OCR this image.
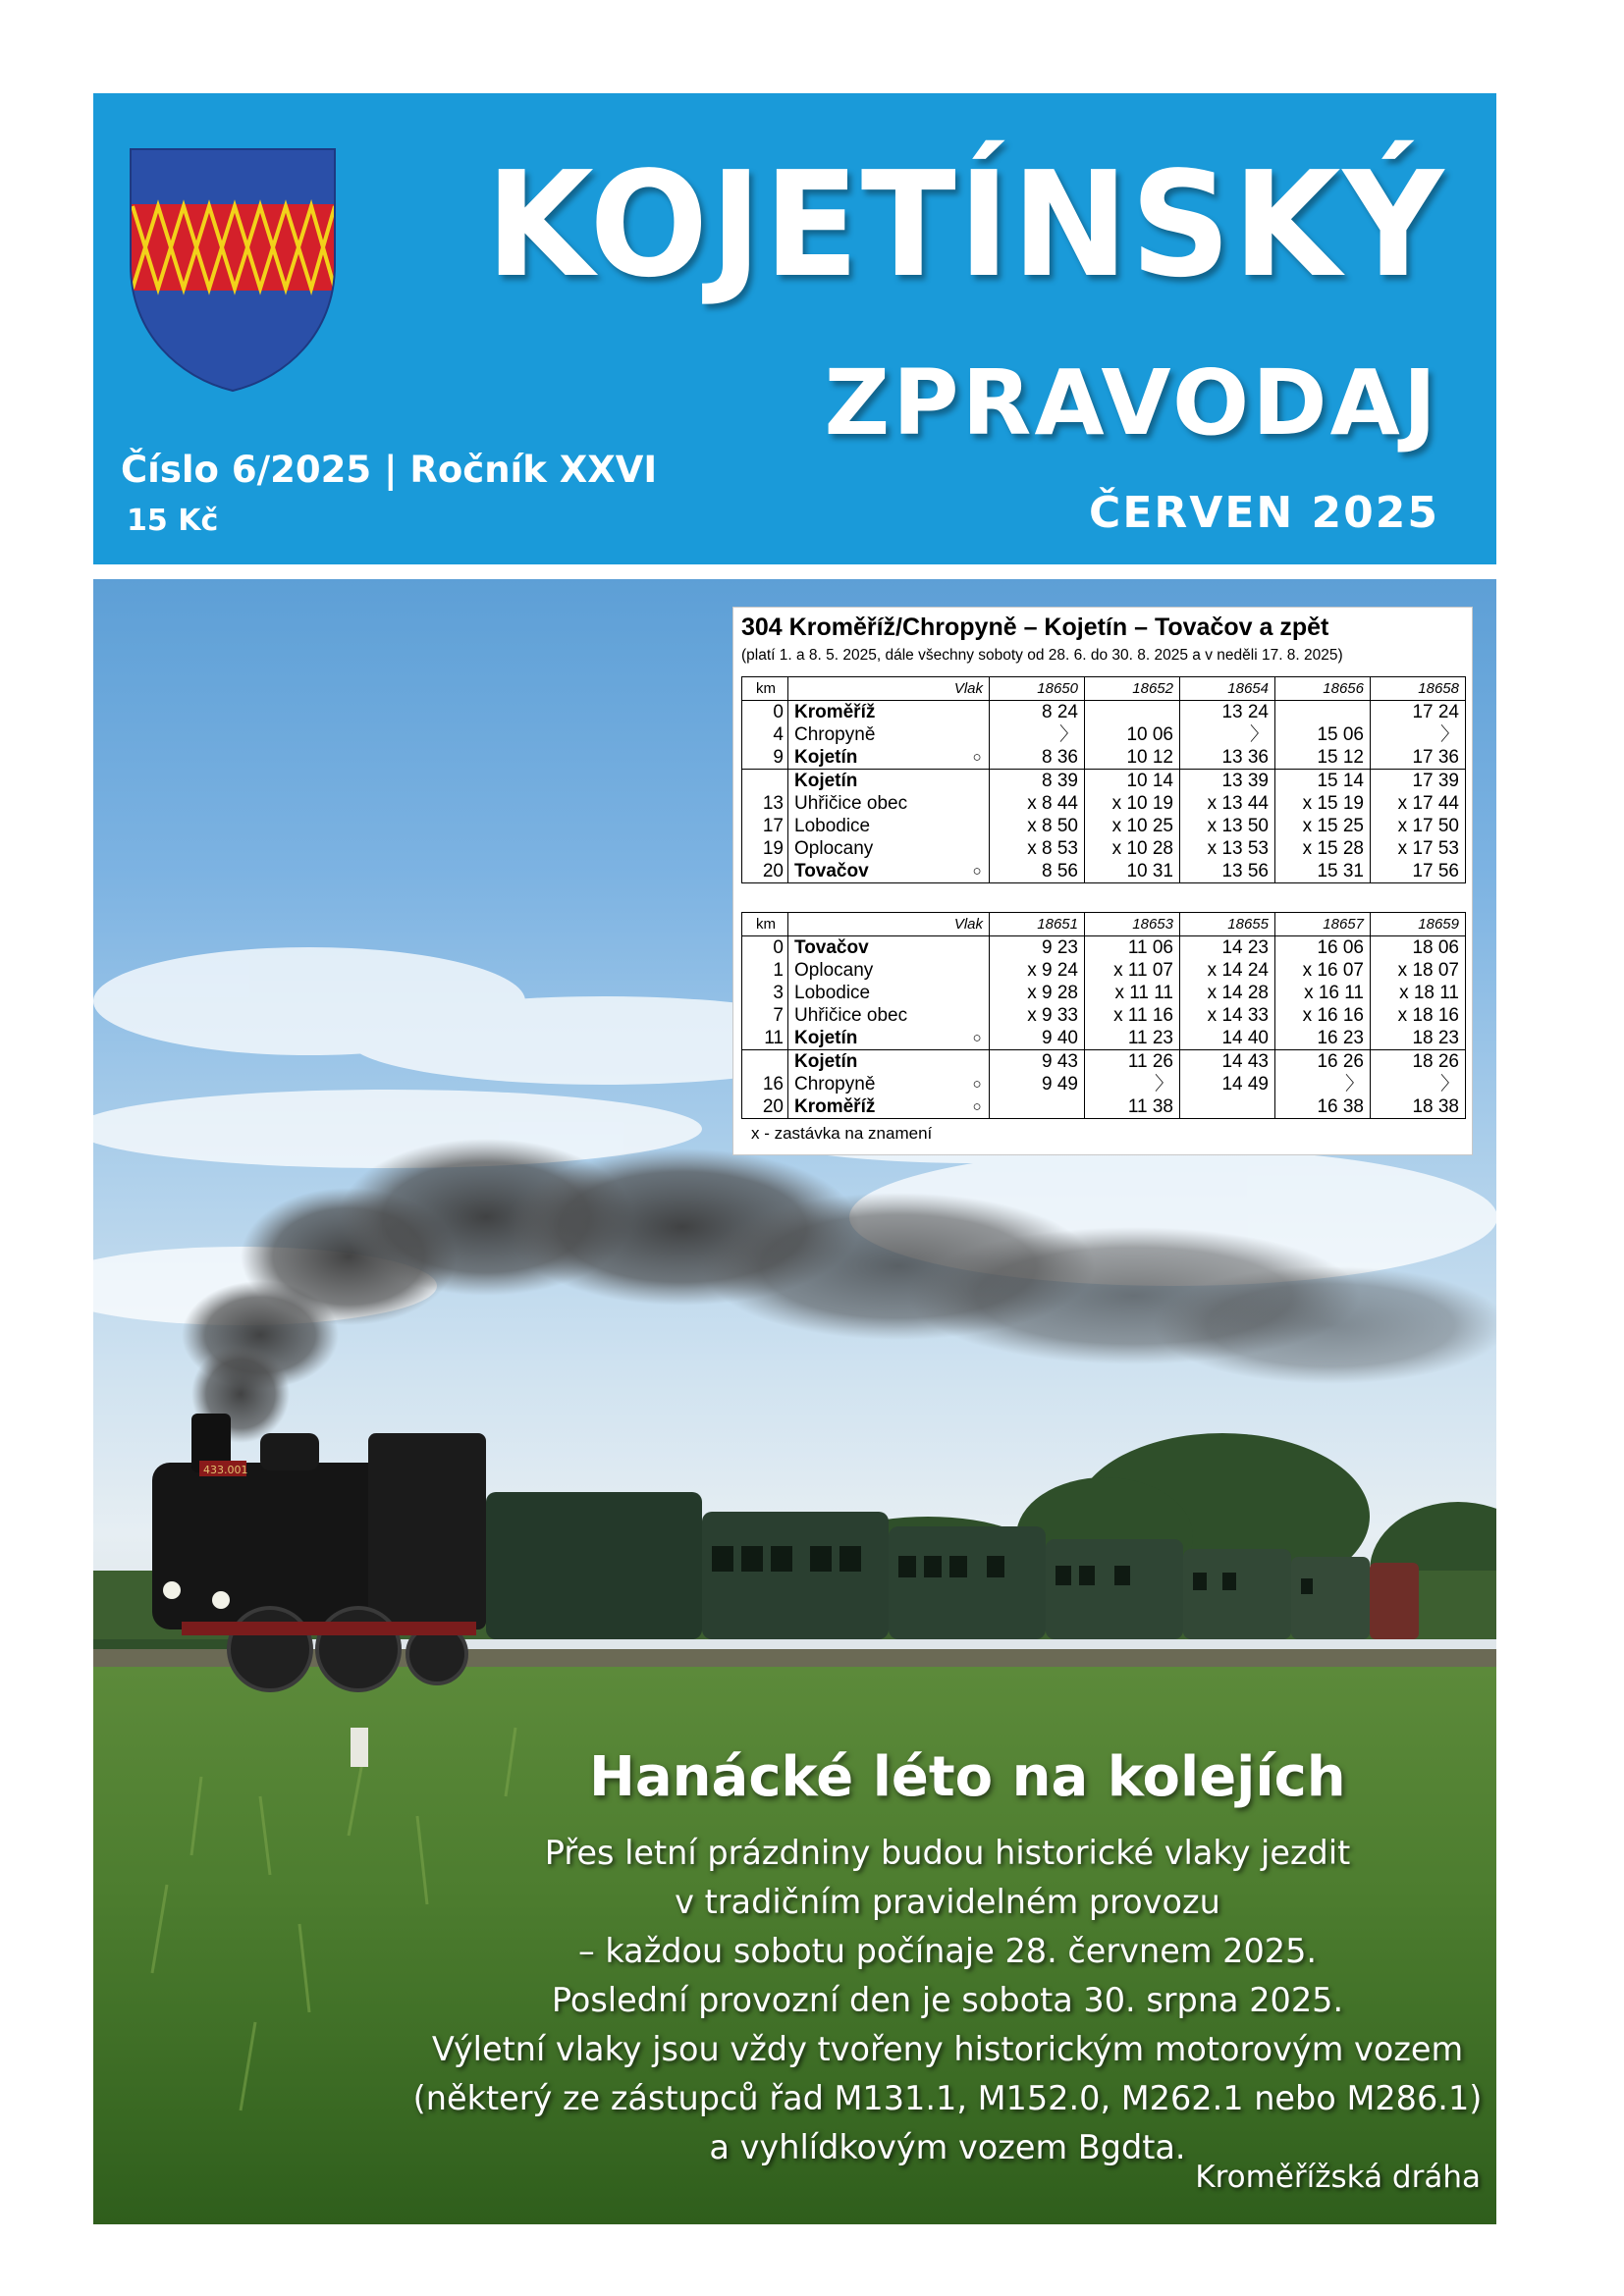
KOJETÍNSKÝ
ZPRAVODAJ
ČERVEN 2025
Číslo 6/2025 | Ročník XXVI
15 Kč
433.001
304 Kroměříž/Chropyně – Kojetín – Tovačov a zpět
(platí 1. a 8. 5. 2025, dále všechny soboty od 28. 6. do 30. 8. 2025 a v neděli 17. 8. 2025)
km	Vlak		18650	18652	18654	18656	18658
0	Kroměříž		8 24		13 24		17 24
4	Chropyně		〉	10 06	〉	15 06	〉
9	Kojetín	○	8 36	10 12	13 36	15 12	17 36
	Kojetín		8 39	10 14	13 39	15 14	17 39
13	Uhřičice obec		x 8 44	x 10 19	x 13 44	x 15 19	x 17 44
17	Lobodice		x 8 50	x 10 25	x 13 50	x 15 25	x 17 50
19	Oplocany		x 8 53	x 10 28	x 13 53	x 15 28	x 17 53
20	Tovačov	○	8 56	10 31	13 56	15 31	17 56
km	Vlak		18651	18653	18655	18657	18659
0	Tovačov		9 23	11 06	14 23	16 06	18 06
1	Oplocany		x 9 24	x 11 07	x 14 24	x 16 07	x 18 07
3	Lobodice		x 9 28	x 11 11	x 14 28	x 16 11	x 18 11
7	Uhřičice obec		x 9 33	x 11 16	x 14 33	x 16 16	x 18 16
11	Kojetín	○	9 40	11 23	14 40	16 23	18 23
	Kojetín		9 43	11 26	14 43	16 26	18 26
16	Chropyně	○	9 49	〉	14 49	〉	〉
20	Kroměříž	○		11 38		16 38	18 38
x - zastávka na znamení
Hanácké léto na kolejích
Přes letní prázdniny budou historické vlaky jezdit
v tradičním pravidelném provozu
– každou sobotu počínaje 28. červnem 2025.
Poslední provozní den je sobota 30. srpna 2025.
Výletní vlaky jsou vždy tvořeny historickým motorovým vozem
(některý ze zástupců řad M131.1, M152.0, M262.1 nebo M286.1)
a vyhlídkovým vozem Bgdta.
Kroměřížská dráha
